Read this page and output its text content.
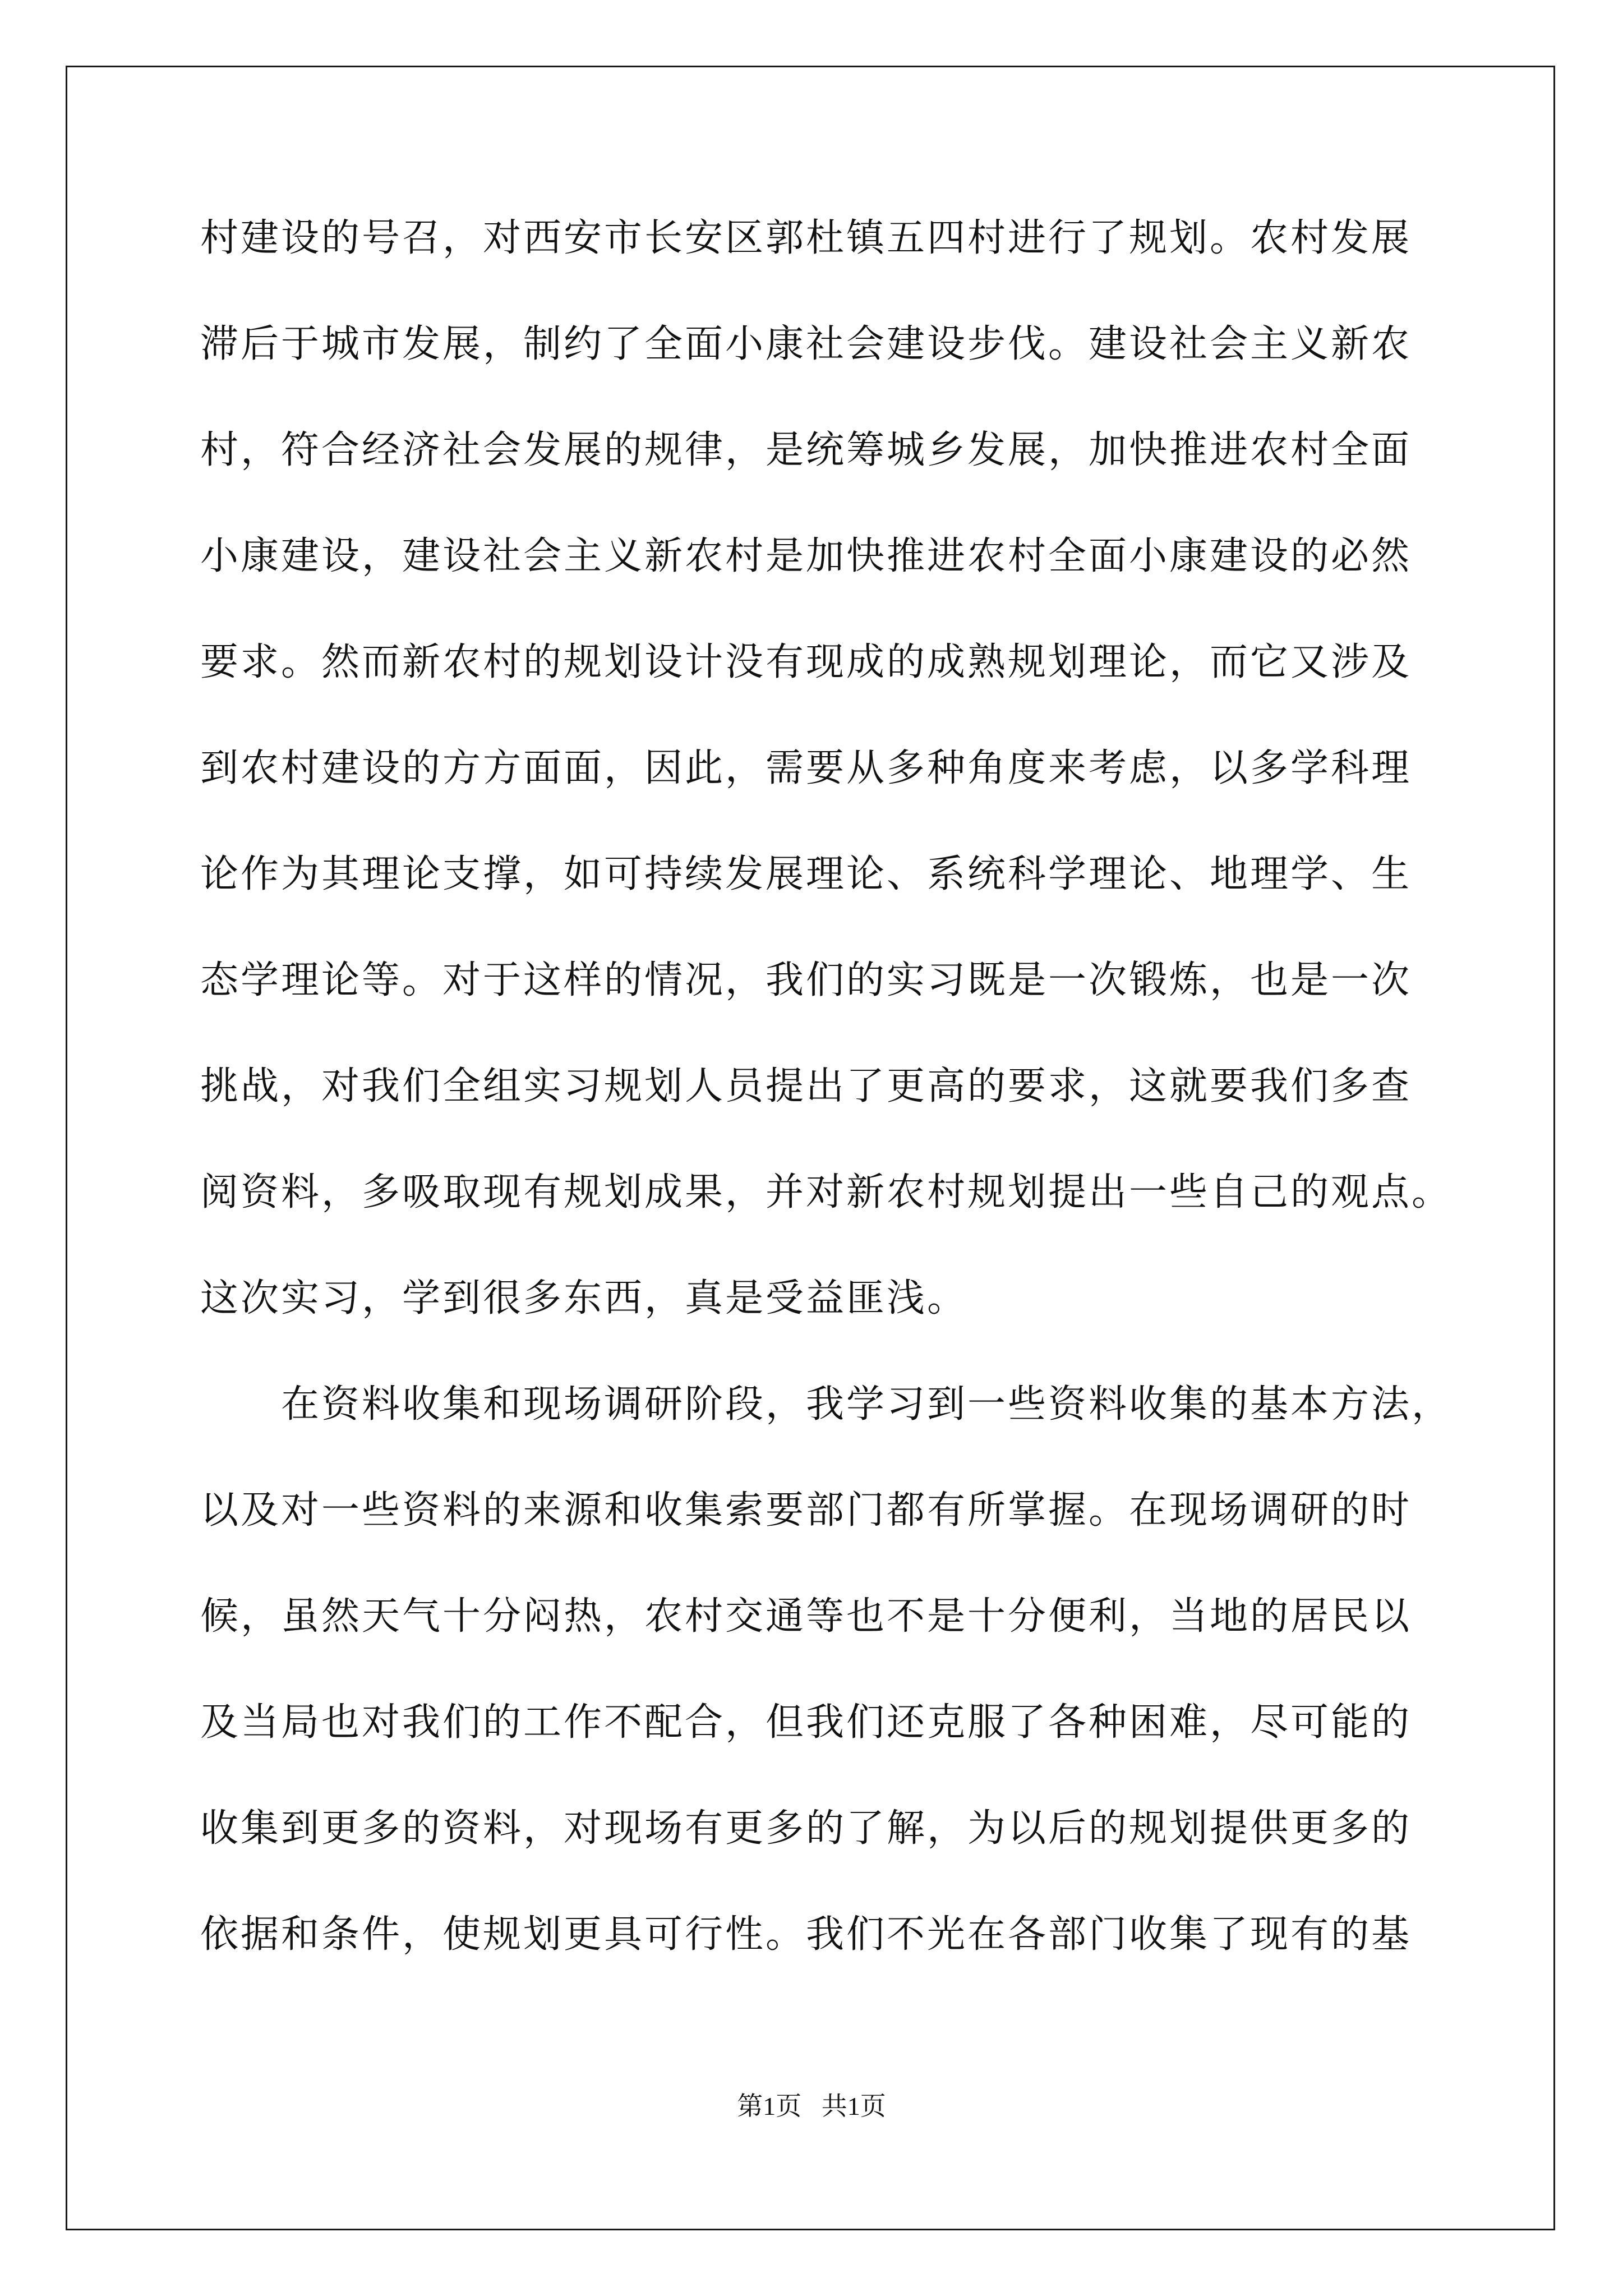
村建设的号召，对西安市长安区郭杜镇五四村进行了规划。农村发展
滞后于城市发展，制约了全面小康社会建设步伐。建设社会主义新农
村，符合经济社会发展的规律，是统筹城乡发展，加快推进农村全面
小康建设，建设社会主义新农村是加快推进农村全面小康建设的必然
要求。然而新农村的规划设计没有现成的成熟规划理论，而它又涉及
到农村建设的方方面面，因此，需要从多种角度来考虑，以多学科理
论作为其理论支撑，如可持续发展理论、系统科学理论、地理学、生
态学理论等。对于这样的情况，我们的实习既是一次锻炼，也是一次
挑战，对我们全组实习规划人员提出了更高的要求，这就要我们多查
阅资料，多吸取现有规划成果，并对新农村规划提出一些自己的观点。
这次实习，学到很多东西，真是受益匪浅。
在资料收集和现场调研阶段，我学习到一些资料收集的基本方法，
以及对一些资料的来源和收集索要部门都有所掌握。在现场调研的时
候，虽然天气十分闷热，农村交通等也不是十分便利，当地的居民以
及当局也对我们的工作不配合，但我们还克服了各种困难，尽可能的
收集到更多的资料，对现场有更多的了解，为以后的规划提供更多的
依据和条件，使规划更具可行性。我们不光在各部门收集了现有的基
第1页 共1页
